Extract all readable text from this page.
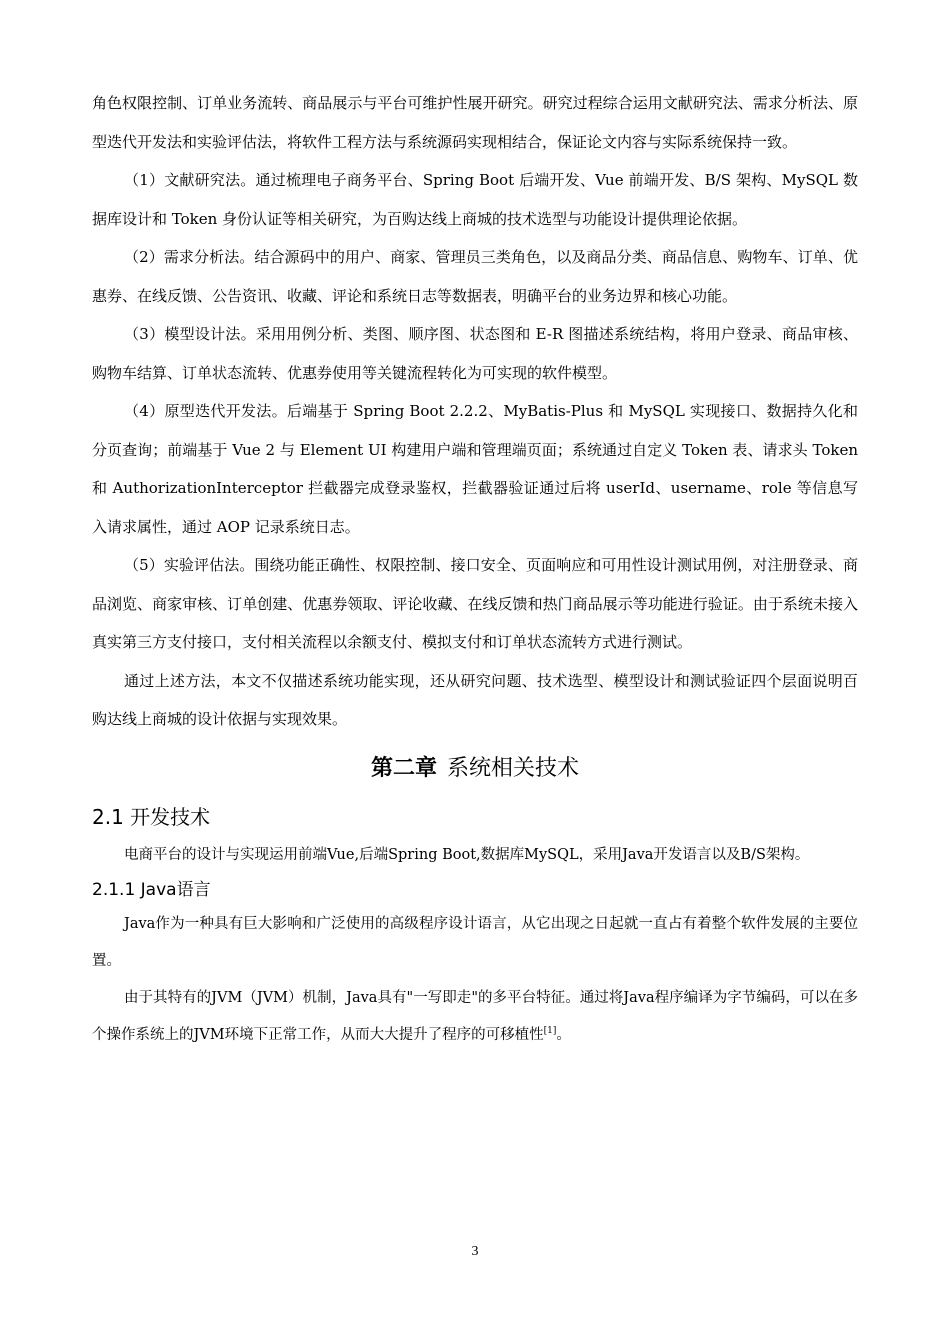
角色权限控制、订单业务流转、商品展示与平台可维护性展开研究。研究过程综合运用文献研究法、需求分析法、原型迭代开发法和实验评估法，将软件工程方法与系统源码实现相结合，保证论文内容与实际系统保持一致。

（1）文献研究法。通过梳理电子商务平台、Spring Boot 后端开发、Vue 前端开发、B/S 架构、MySQL 数据库设计和 Token 身份认证等相关研究，为百购达线上商城的技术选型与功能设计提供理论依据。

（2）需求分析法。结合源码中的用户、商家、管理员三类角色，以及商品分类、商品信息、购物车、订单、优惠券、在线反馈、公告资讯、收藏、评论和系统日志等数据表，明确平台的业务边界和核心功能。

（3）模型设计法。采用用例分析、类图、顺序图、状态图和 E-R 图描述系统结构，将用户登录、商品审核、购物车结算、订单状态流转、优惠券使用等关键流程转化为可实现的软件模型。

（4）原型迭代开发法。后端基于 Spring Boot 2.2.2、MyBatis-Plus 和 MySQL 实现接口、数据持久化和分页查询；前端基于 Vue 2 与 Element UI 构建用户端和管理端页面；系统通过自定义 Token 表、请求头 Token 和 AuthorizationInterceptor 拦截器完成登录鉴权，拦截器验证通过后将 userId、username、role 等信息写入请求属性，通过 AOP 记录系统日志。

（5）实验评估法。围绕功能正确性、权限控制、接口安全、页面响应和可用性设计测试用例，对注册登录、商品浏览、商家审核、订单创建、优惠券领取、评论收藏、在线反馈和热门商品展示等功能进行验证。由于系统未接入真实第三方支付接口，支付相关流程以余额支付、模拟支付和订单状态流转方式进行测试。

通过上述方法，本文不仅描述系统功能实现，还从研究问题、技术选型、模型设计和测试验证四个层面说明百购达线上商城的设计依据与实现效果。

第二章 系统相关技术
2.1 开发技术

电商平台的设计与实现运用前端Vue,后端Spring Boot,数据库MySQL，采用Java开发语言以及B/S架构。

2.1.1 Java语言

Java作为一种具有巨大影响和广泛使用的高级程序设计语言，从它出现之日起就一直占有着整个软件发展的主要位置。

由于其特有的JVM（JVM）机制，Java具有"一写即走"的多平台特征。通过将Java程序编译为字节编码，可以在多个操作系统上的JVM环境下正常工作，从而大大提升了程序的可移植性[1]。

3
